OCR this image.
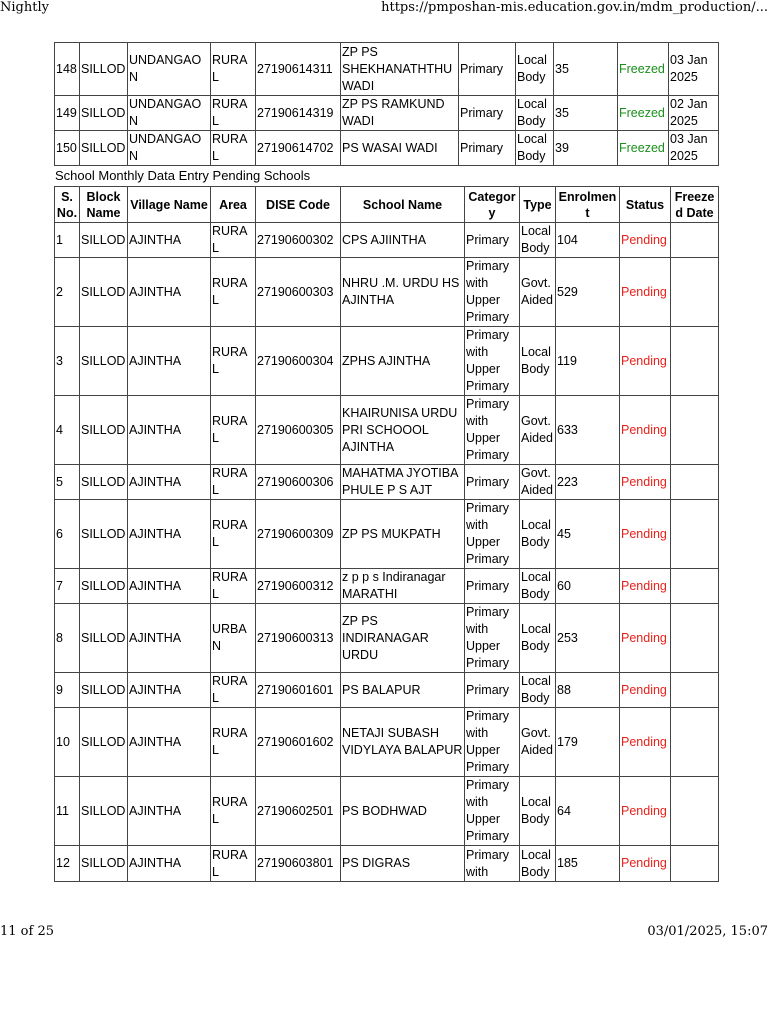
Nightly	https://pmposhan-mis.education.gov.in/mdm_production/...
148	SILLOD	UNDANGAON	RURAL	27190614311	ZP PS SHEKHANATHTHU WADI	Primary	Local Body	35	Freezed	03 Jan 2025
149	SILLOD	UNDANGAON	RURAL	27190614319	ZP PS RAMKUND WADI	Primary	Local Body	35	Freezed	02 Jan 2025
150	SILLOD	UNDANGAON	RURAL	27190614702	PS WASAI WADI	Primary	Local Body	39	Freezed	03 Jan 2025
School Monthly Data Entry Pending Schools
S. No.	Block Name	Village Name	Area	DISE Code	School Name	Category	Type	Enrolment	Status	Freezed Date
1	SILLOD	AJINTHA	RURAL	27190600302	CPS AJIINTHA	Primary	Local Body	104	Pending	
2	SILLOD	AJINTHA	RURAL	27190600303	NHRU .M. URDU HS AJINTHA	Primary with Upper Primary	Govt. Aided	529	Pending	
3	SILLOD	AJINTHA	RURAL	27190600304	ZPHS AJINTHA	Primary with Upper Primary	Local Body	119	Pending	
4	SILLOD	AJINTHA	RURAL	27190600305	KHAIRUNISA URDU PRI SCHOOOL AJINTHA	Primary with Upper Primary	Govt. Aided	633	Pending	
5	SILLOD	AJINTHA	RURAL	27190600306	MAHATMA JYOTIBA PHULE P S AJT	Primary	Govt. Aided	223	Pending	
6	SILLOD	AJINTHA	RURAL	27190600309	ZP PS MUKPATH	Primary with Upper Primary	Local Body	45	Pending	
7	SILLOD	AJINTHA	RURAL	27190600312	z p p s Indiranagar MARATHI	Primary	Local Body	60	Pending	
8	SILLOD	AJINTHA	URBAN	27190600313	ZP PS INDIRANAGAR URDU	Primary with Upper Primary	Local Body	253	Pending	
9	SILLOD	AJINTHA	RURAL	27190601601	PS BALAPUR	Primary	Local Body	88	Pending	
10	SILLOD	AJINTHA	RURAL	27190601602	NETAJI SUBASH VIDYLAYA BALAPUR	Primary with Upper Primary	Govt. Aided	179	Pending	
11	SILLOD	AJINTHA	RURAL	27190602501	PS BODHWAD	Primary with Upper Primary	Local Body	64	Pending	
12	SILLOD	AJINTHA	RURAL	27190603801	PS DIGRAS	Primary with	Local Body	185	Pending	
11 of 25	03/01/2025, 15:07
